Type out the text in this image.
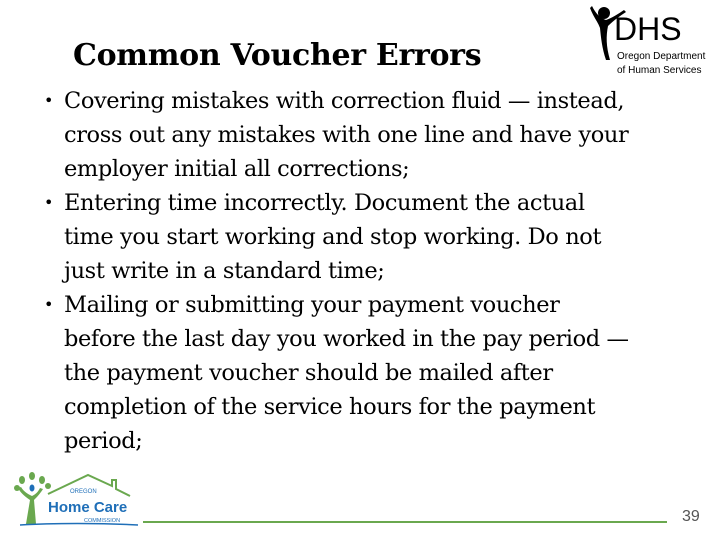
Common Voucher Errors
DHS
Oregon Department
of Human Services
• Covering mistakes with correction fluid — instead,
cross out any mistakes with one line and have your
employer initial all corrections;
• Entering time incorrectly. Document the actual
time you start working and stop working. Do not
just write in a standard time;
• Mailing or submitting your payment voucher
before the last day you worked in the pay period —
the payment voucher should be mailed after
completion of the service hours for the payment
period;
OREGON
Home Care
COMMISSION	39
